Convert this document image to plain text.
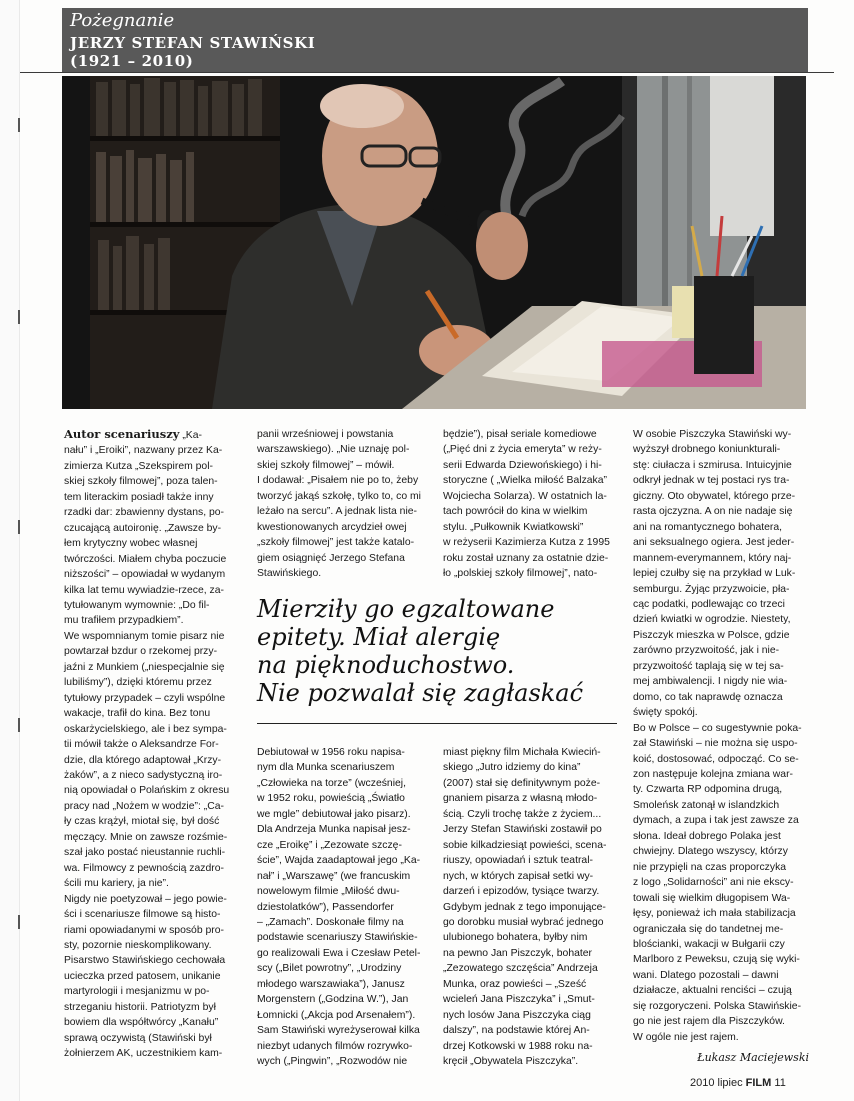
Pożegnanie
JERZY STEFAN STAWIŃSKI
(1921 – 2010)
Autor scenariuszy „Ka-
nału” i „Eroiki”, nazwany przez Ka-
zimierza Kutza „Szekspirem pol-
skiej szkoły filmowej”, poza talen-
tem literackim posiadł także inny
rzadki dar: zbawienny dystans, po-
czucającą autoironię. „Zawsze by-
łem krytyczny wobec własnej
twórczości. Miałem chyba poczucie
niższości” – opowiadał w wydanym
kilka lat temu wywiadzie-rzece, za-
tytułowanym wymownie: „Do fil-
mu trafiłem przypadkiem”.
We wspomnianym tomie pisarz nie
powtarzał bzdur o rzekomej przy-
jaźni z Munkiem („niespecjalnie się
lubiliśmy”), dzięki któremu przez
tytułowy przypadek – czyli wspólne
wakacje, trafił do kina. Bez tonu
oskarżycielskiego, ale i bez sympa-
tii mówił także o Aleksandrze For-
dzie, dla którego adaptował „Krzy-
żaków”, a z nieco sadystyczną iro-
nią opowiadał o Polańskim z okresu
pracy nad „Nożem w wodzie”: „Ca-
ły czas krążył, miotał się, był dość
męczący. Mnie on zawsze rozśmie-
szał jako postać nieustannie ruchli-
wa. Filmowcy z pewnością zazdro-
ścili mu kariery, ja nie”.
Nigdy nie poetyzował – jego powie-
ści i scenariusze filmowe są histo-
riami opowiadanymi w sposób pro-
sty, pozornie nieskomplikowany.
Pisarstwo Stawińskiego cechowała
ucieczka przed patosem, unikanie
martyrologii i mesjanizmu w po-
strzeganiu historii. Patriotyzm był
bowiem dla współtwórcy „Kanału”
sprawą oczywistą (Stawiński był
żołnierzem AK, uczestnikiem kam-
panii wrześniowej i powstania
warszawskiego). „Nie uznaję pol-
skiej szkoły filmowej” – mówił.
I dodawał: „Pisałem nie po to, żeby
tworzyć jakąś szkołę, tylko to, co mi
leżało na sercu”. A jednak lista nie-
kwestionowanych arcydzieł owej
„szkoły filmowej” jest także katalo-
giem osiągnięć Jerzego Stefana
Stawińskiego.
będzie”), pisał seriale komediowe
(„Pięć dni z życia emeryta” w reży-
serii Edwarda Dziewońskiego) i hi-
storyczne ( „Wielka miłość Balzaka”
Wojciecha Solarza). W ostatnich la-
tach powrócił do kina w wielkim
stylu. „Pułkownik Kwiatkowski”
w reżyserii Kazimierza Kutza z 1995
roku został uznany za ostatnie dzie-
ło „polskiej szkoły filmowej”, nato-
W osobie Piszczyka Stawiński wy-
wyższył drobnego koniunkturali-
stę: ciułacza i szmirusa. Intuicyjnie
odkrył jednak w tej postaci rys tra-
giczny. Oto obywatel, którego prze-
rasta ojczyzna. A on nie nadaje się
ani na romantycznego bohatera,
ani seksualnego ogiera. Jest jeder-
mannem-everymannem, który naj-
lepiej czułby się na przykład w Luk-
semburgu. Żyjąc przyzwoicie, pła-
cąc podatki, podlewając co trzeci
dzień kwiatki w ogrodzie. Niestety,
Piszczyk mieszka w Polsce, gdzie
zarówno przyzwoitość, jak i nie-
przyzwoitość taplają się w tej sa-
mej ambiwalencji. I nigdy nie wia-
domo, co tak naprawdę oznacza
święty spokój.
Bo w Polsce – co sugestywnie poka-
zał Stawiński – nie można się uspo-
koić, dostosować, odpocząć. Co se-
zon następuje kolejna zmiana war-
ty. Czwarta RP odpomina drugą,
Smoleńsk zatonął w islandzkich
dymach, a zupa i tak jest zawsze za
słona. Ideał dobrego Polaka jest
chwiejny. Dlatego wszyscy, którzy
nie przypięli na czas proporczyka
z logo „Solidarności” ani nie ekscy-
towali się wielkim długopisem Wa-
łęsy, ponieważ ich mała stabilizacja
ograniczała się do tandetnej me-
blościanki, wakacji w Bułgarii czy
Marlboro z Peweksu, czują się wyki-
wani. Dlatego pozostali – dawni
działacze, aktualni renciści – czują
się rozgoryczeni. Polska Stawińskie-
go nie jest rajem dla Piszczyków.
W ogóle nie jest rajem.
Mierziły go egzaltowane
epitety. Miał alergię
na pięknoduchostwo.
Nie pozwalał się zagłaskać
Debiutował w 1956 roku napisa-
nym dla Munka scenariuszem
„Człowieka na torze” (wcześniej,
w 1952 roku, powieścią „Światło
we mgle” debiutował jako pisarz).
Dla Andrzeja Munka napisał jesz-
cze „Eroikę” i „Zezowate szczę-
ście”, Wajda zaadaptował jego „Ka-
nał” i „Warszawę” (we francuskim
nowelowym filmie „Miłość dwu-
dziestolatków”), Passendorfer
– „Zamach”. Doskonałe filmy na
podstawie scenariuszy Stawińskie-
go realizowali Ewa i Czesław Petel-
scy („Bilet powrotny”, „Urodziny
młodego warszawiaka”), Janusz
Morgenstern („Godzina W.”), Jan
Łomnicki („Akcja pod Arsenałem”).
Sam Stawiński wyreżyserował kilka
niezbyt udanych filmów rozrywko-
wych („Pingwin”, „Rozwodów nie
miast piękny film Michała Kwieciń-
skiego „Jutro idziemy do kina”
(2007) stał się definitywnym poże-
gnaniem pisarza z własną młodo-
ścią. Czyli trochę także z życiem...
Jerzy Stefan Stawiński zostawił po
sobie kilkadziesiąt powieści, scena-
riuszy, opowiadań i sztuk teatral-
nych, w których zapisał setki wy-
darzeń i epizodów, tysiące twarzy.
Gdybym jednak z tego imponujące-
go dorobku musiał wybrać jednego
ulubionego bohatera, byłby nim
na pewno Jan Piszczyk, bohater
„Zezowatego szczęścia” Andrzeja
Munka, oraz powieści – „Sześć
wcieleń Jana Piszczyka” i „Smut-
nych losów Jana Piszczyka ciąg
dalszy”, na podstawie której An-
drzej Kotkowski w 1988 roku na-
kręcił „Obywatela Piszczyka”.	Łukasz Maciejewski
2010 lipiec FILM 11
